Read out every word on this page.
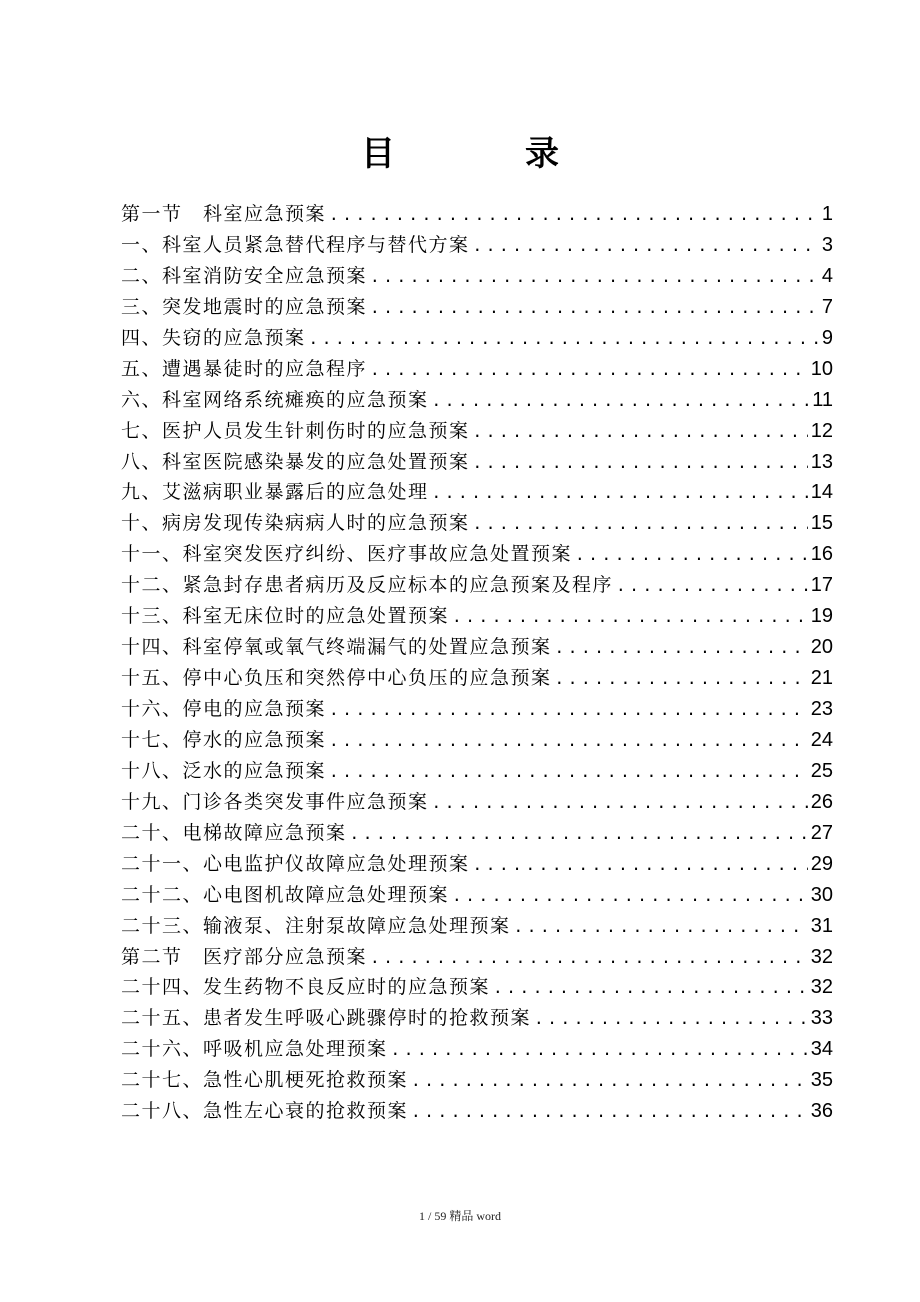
目　录
第一节　科室应急预案 .....	1
一、科室人员紧急替代程序与替代方案 .....	3
二、科室消防安全应急预案 .....	4
三、突发地震时的应急预案 .....	7
四、失窃的应急预案 .....	9
五、遭遇暴徒时的应急程序 .....	10
六、科室网络系统瘫痪的应急预案 .....	11
七、医护人员发生针刺伤时的应急预案 .....	12
八、科室医院感染暴发的应急处置预案 .....	13
九、艾滋病职业暴露后的应急处理 .....	14
十、病房发现传染病病人时的应急预案 .....	15
十一、科室突发医疗纠纷、医疗事故应急处置预案 .....	16
十二、紧急封存患者病历及反应标本的应急预案及程序 .....	17
十三、科室无床位时的应急处置预案 .....	19
十四、科室停氧或氧气终端漏气的处置应急预案 .....	20
十五、停中心负压和突然停中心负压的应急预案 .....	21
十六、停电的应急预案 .....	23
十七、停水的应急预案 .....	24
十八、泛水的应急预案 .....	25
十九、门诊各类突发事件应急预案 .....	26
二十、电梯故障应急预案 .....	27
二十一、心电监护仪故障应急处理预案 .....	29
二十二、心电图机故障应急处理预案 .....	30
二十三、输液泵、注射泵故障应急处理预案 .....	31
第二节　医疗部分应急预案 .....	32
二十四、发生药物不良反应时的应急预案 .....	32
二十五、患者发生呼吸心跳骤停时的抢救预案 .....	33
二十六、呼吸机应急处理预案 .....	34
二十七、急性心肌梗死抢救预案 .....	35
二十八、急性左心衰的抢救预案 .....	36
1 / 59 精品 word
